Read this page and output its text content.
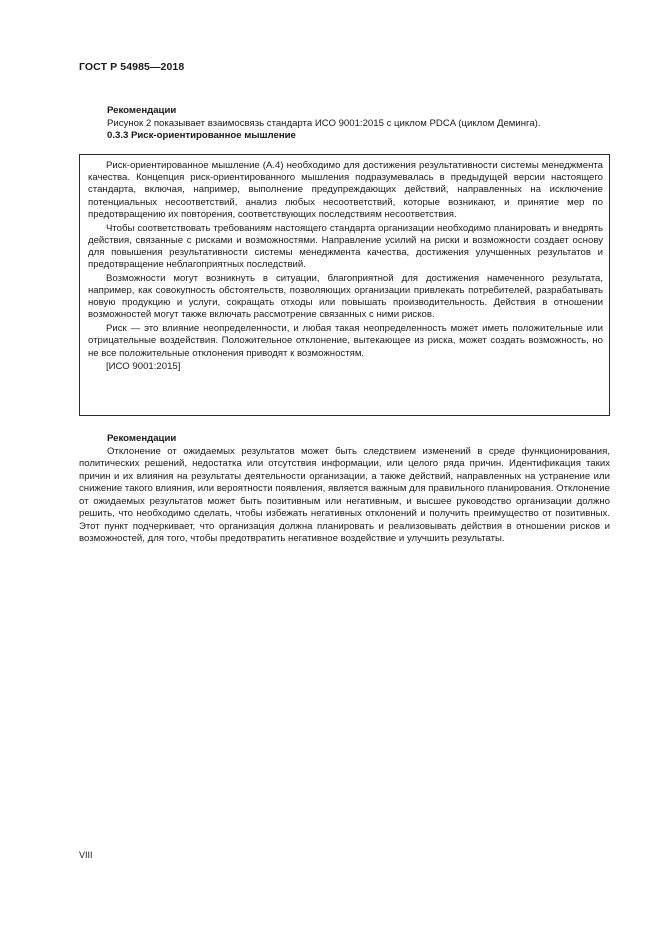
ГОСТ Р 54985—2018
Рекомендации
Рисунок 2 показывает взаимосвязь стандарта ИСО 9001:2015 с циклом PDCA (циклом Деминга).
0.3.3 Риск-ориентированное мышление

Риск-ориентированное мышление (А.4) необходимо для достижения результативности системы менеджмента качества. Концепция риск-ориентированного мышления подразумевалась в предыдущей версии настоящего стандарта, включая, например, выполнение предупреждающих действий, направленных на исключение потенциальных несоответствий, анализ любых несоответствий, которые возникают, и принятие мер по предотвращению их повторения, соответствующих последствиям несоответствия.

Чтобы соответствовать требованиям настоящего стандарта организации необходимо планировать и внедрять действия, связанные с рисками и возможностями. Направление усилий на риски и возможности создает основу для повышения результативности системы менеджмента качества, достижения улучшенных результатов и предотвращение неблагоприятных последствий.

Возможности могут возникнуть в ситуации, благоприятной для достижения намеченного результата, например, как совокупность обстоятельств, позволяющих организации привлекать потребителей, разрабатывать новую продукцию и услуги, сокращать отходы или повышать производительность. Действия в отношении возможностей могут также включать рассмотрение связанных с ними рисков.

Риск — это влияние неопределенности, и любая такая неопределенность может иметь положительные или отрицательные воздействия. Положительное отклонение, вытекающее из риска, может создать возможность, но не все положительные отклонения приводят к возможностям.

[ИСО 9001:2015]

Рекомендации

Отклонение от ожидаемых результатов может быть следствием изменений в среде функционирования, политических решений, недостатка или отсутствия информации, или целого ряда причин. Идентификация таких причин и их влияния на результаты деятельности организации, а также действий, направленных на устранение или снижение такого влияния, или вероятности появления, является важным для правильного планирования. Отклонение от ожидаемых результатов может быть позитивным или негативным, и высшее руководство организации должно решить, что необходимо сделать, чтобы избежать негативных отклонений и получить преимущество от позитивных. Этот пункт подчеркивает, что организация должна планировать и реализовывать действия в отношении рисков и возможностей, для того, чтобы предотвратить негативное воздействие и улучшить результаты.

VIII
